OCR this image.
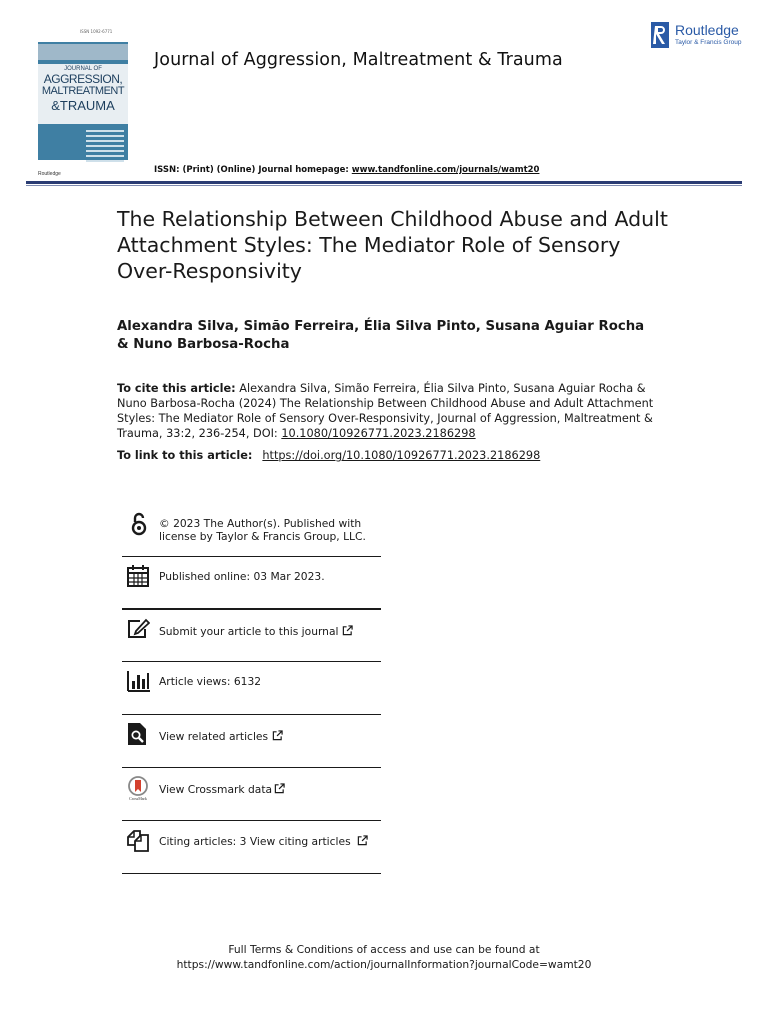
ISSN 1092-6771
JOURNAL OF
AGGRESSION,
MALTREATMENT
&TRAUMA
Routledge
Journal of Aggression, Maltreatment & Trauma
Routledge
Taylor & Francis Group
ISSN: (Print) (Online) Journal homepage: www.tandfonline.com/journals/wamt20
The Relationship Between Childhood Abuse and Adult Attachment Styles: The Mediator Role of Sensory Over-Responsivity
Alexandra Silva, Simão Ferreira, Élia Silva Pinto, Susana Aguiar Rocha & Nuno Barbosa-Rocha
To cite this article: Alexandra Silva, Simão Ferreira, Élia Silva Pinto, Susana Aguiar Rocha & Nuno Barbosa-Rocha (2024) The Relationship Between Childhood Abuse and Adult Attachment Styles: The Mediator Role of Sensory Over-Responsivity, Journal of Aggression, Maltreatment & Trauma, 33:2, 236-254, DOI: 10.1080/10926771.2023.2186298
To link to this article: https://doi.org/10.1080/10926771.2023.2186298
© 2023 The Author(s). Published with license by Taylor & Francis Group, LLC.
Published online: 03 Mar 2023.
Submit your article to this journal
Article views: 6132
View related articles
CrossMark
View Crossmark data
Citing articles: 3 View citing articles
Full Terms & Conditions of access and use can be found at
https://www.tandfonline.com/action/journalInformation?journalCode=wamt20
